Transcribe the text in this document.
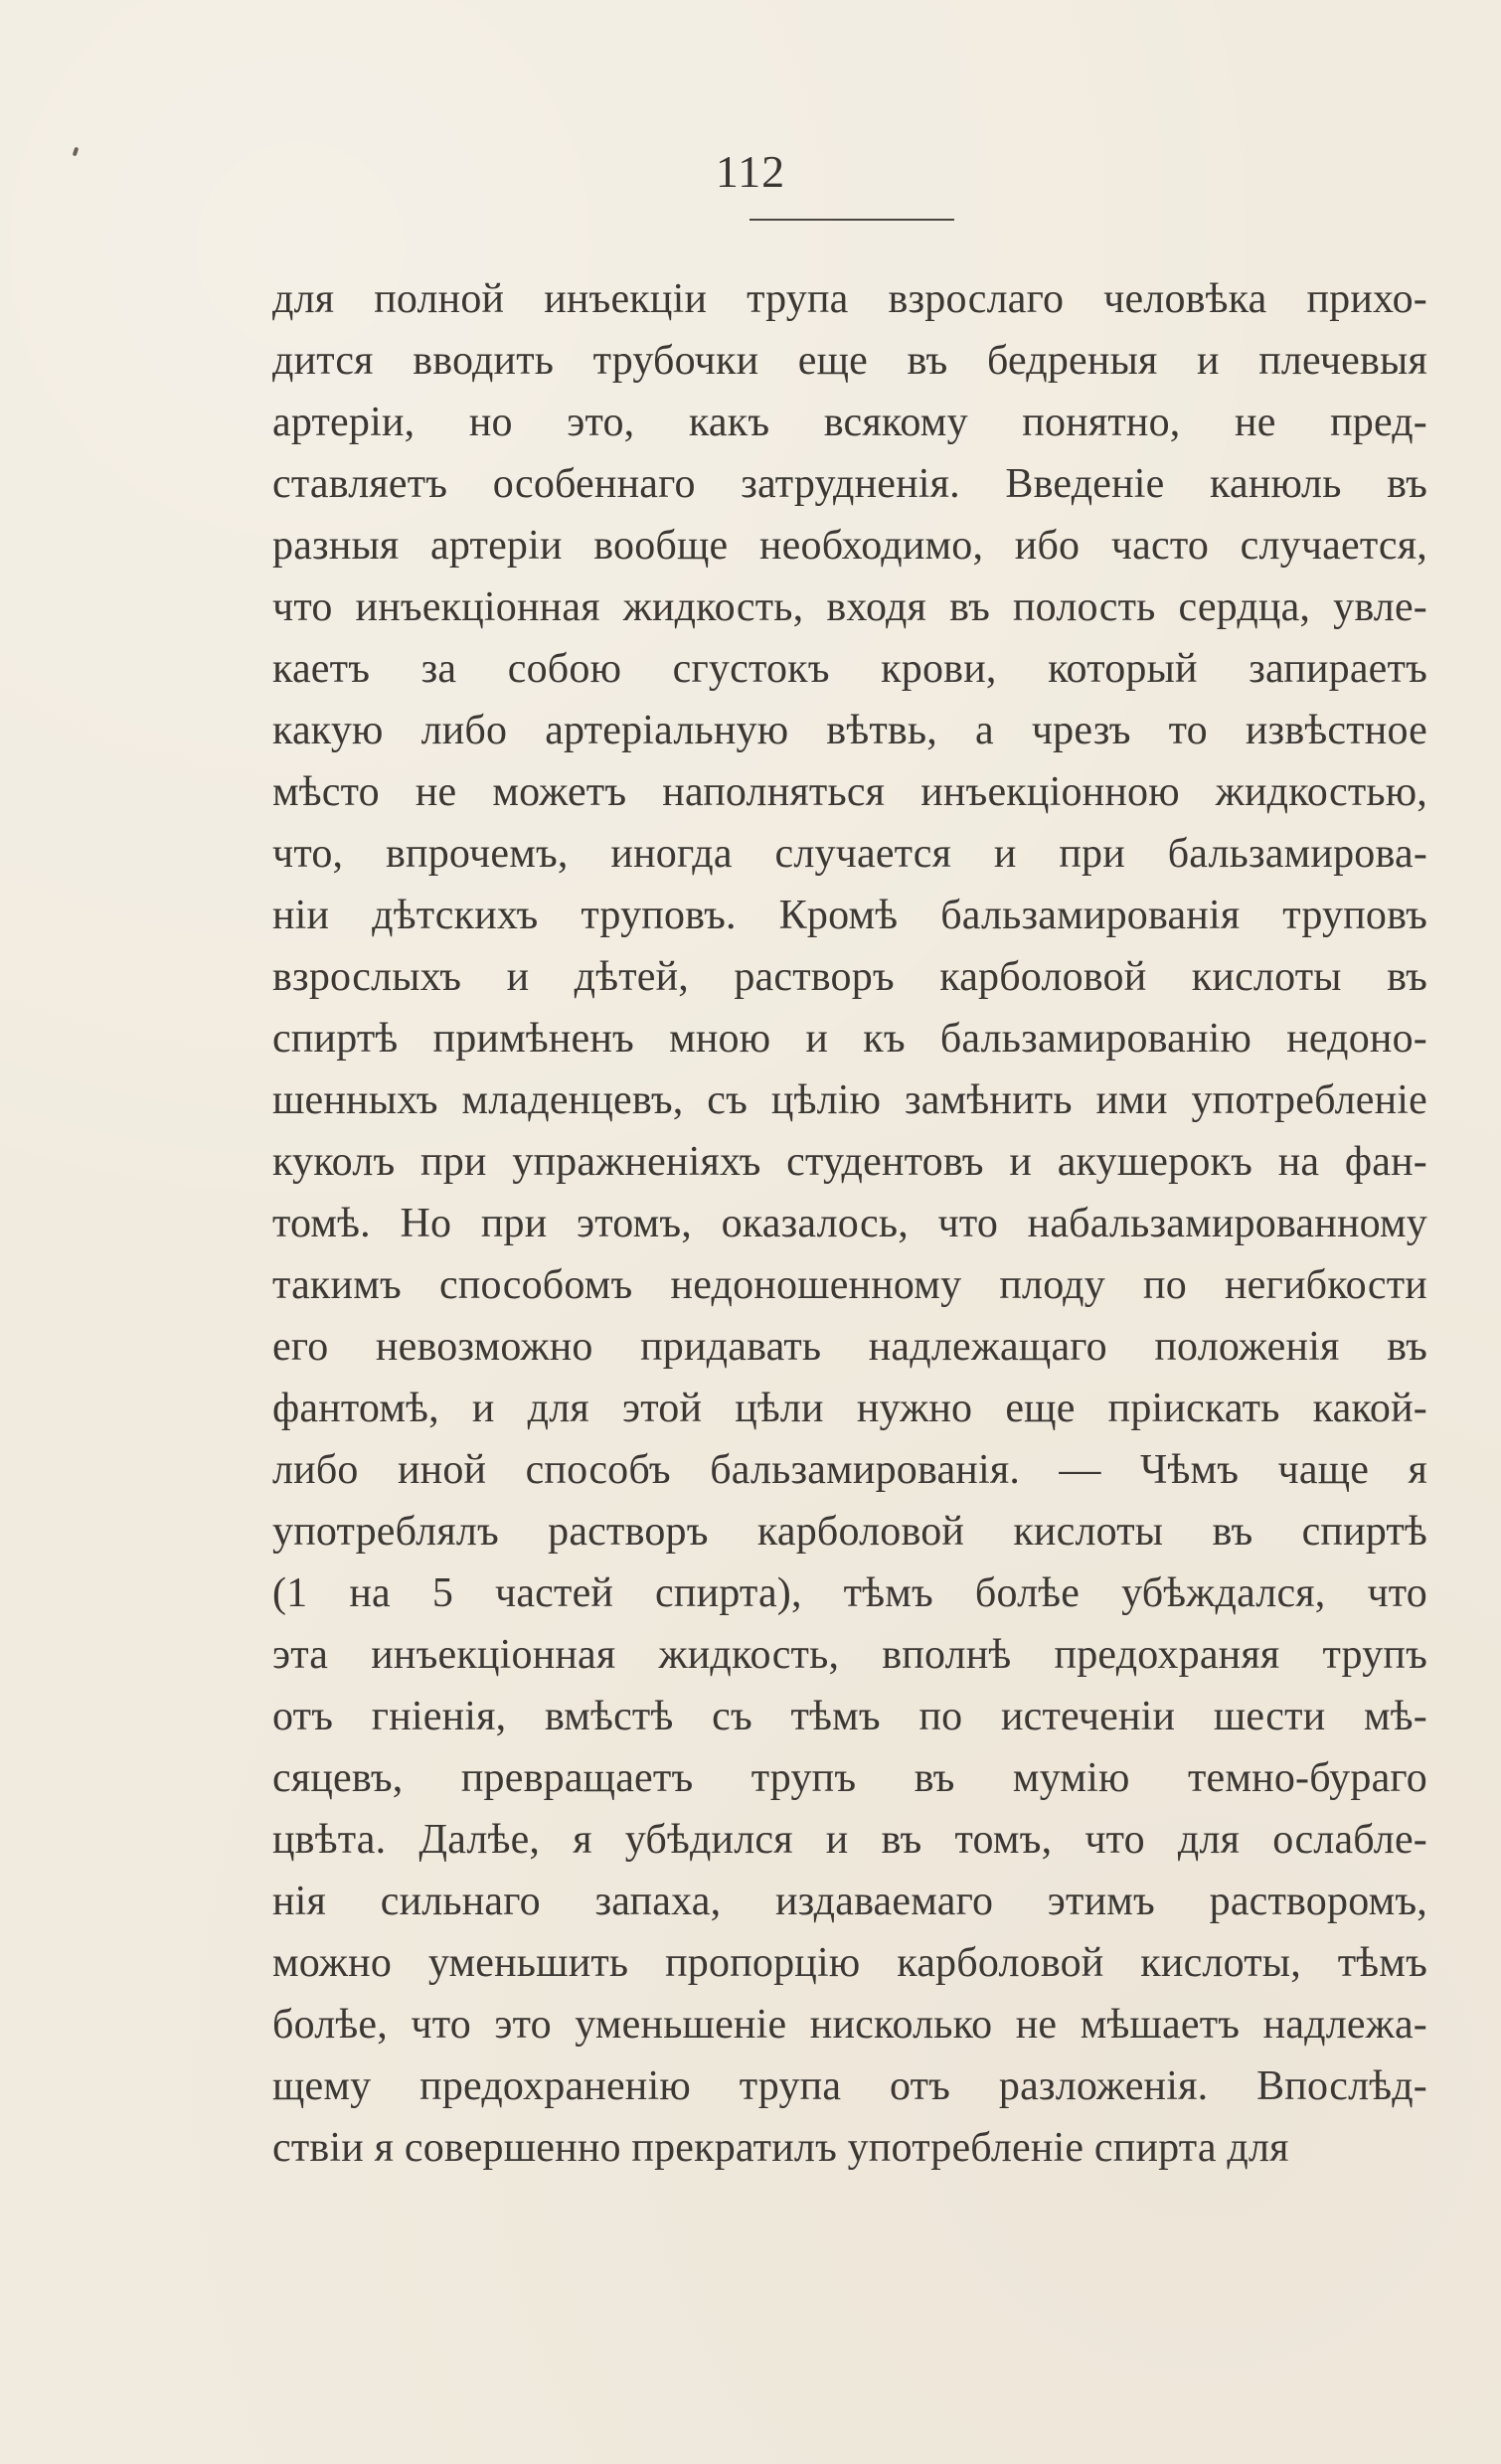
112
для полной инъекціи трупа взрослаго человѣка прихо-
дится вводить трубочки еще въ бедреныя и плечевыя
артеріи, но это, какъ всякому понятно, не пред-
ставляетъ особеннаго затрудненія. Введеніе канюль въ
разныя артеріи вообще необходимо, ибо часто случается,
что инъекціонная жидкость, входя въ полость сердца, увле-
каетъ за собою сгустокъ крови, который запираетъ
какую либо артеріальную вѣтвь, а чрезъ то извѣстное
мѣсто не можетъ наполняться инъекціонною жидкостью,
что, впрочемъ, иногда случается и при бальзамирова-
ніи дѣтскихъ труповъ. Кромѣ бальзамированія труповъ
взрослыхъ и дѣтей, растворъ карболовой кислоты въ
спиртѣ примѣненъ мною и къ бальзамированію недоно-
шенныхъ младенцевъ, съ цѣлію замѣнить ими употребленіе
куколъ при упражненіяхъ студентовъ и акушерокъ на фан-
томѣ. Но при этомъ, оказалось, что набальзамированному
такимъ способомъ недоношенному плоду по негибкости
его невозможно придавать надлежащаго положенія въ
фантомѣ, и для этой цѣли нужно еще пріискать какой-
либо иной способъ бальзамированія. — Чѣмъ чаще я
употреблялъ растворъ карболовой кислоты въ спиртѣ
(1 на 5 частей спирта), тѣмъ болѣе убѣждался, что
эта инъекціонная жидкость, вполнѣ предохраняя трупъ
отъ гніенія, вмѣстѣ съ тѣмъ по истеченіи шести мѣ-
сяцевъ, превращаетъ трупъ въ мумію темно-бураго
цвѣта. Далѣе, я убѣдился и въ томъ, что для ослабле-
нія сильнаго запаха, издаваемаго этимъ растворомъ,
можно уменьшить пропорцію карболовой кислоты, тѣмъ
болѣе, что это уменьшеніе нисколько не мѣшаетъ надлежа-
щему предохраненію трупа отъ разложенія. Впослѣд-
ствіи я совершенно прекратилъ употребленіе спирта для
